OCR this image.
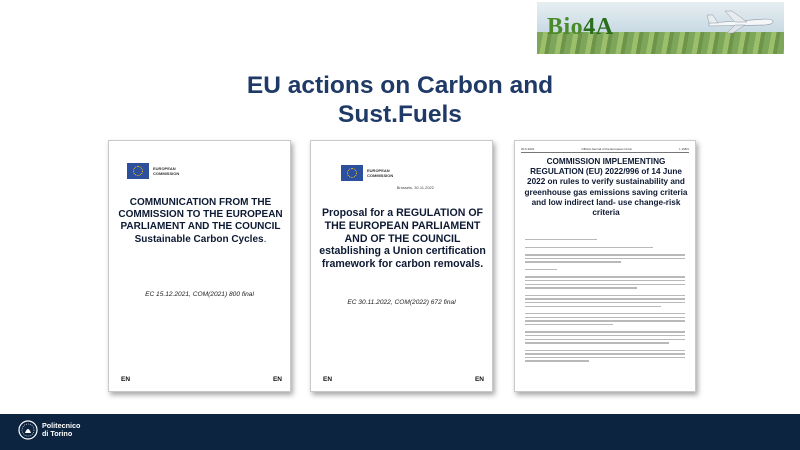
Bio4A
EU actions on Carbon and
Sust.Fuels
EUROPEAN
COMMISSION
COMMUNICATION FROM THE COMMISSION TO THE EUROPEAN PARLIAMENT AND THE COUNCIL Sustainable Carbon Cycles.
EC 15.12.2021, COM(2021) 800 final
EN	EN
EUROPEAN
COMMISSION
Brussels, 30.11.2022
Proposal for a REGULATION OF THE EUROPEAN PARLIAMENT AND OF THE COUNCIL establishing a Union certification framework for carbon removals.
EC 30.11.2022, COM(2022) 672 final
EN	EN
20.6.2022	Official Journal of the European Union	L 168/1
COMMISSION IMPLEMENTING REGULATION (EU) 2022/996 of 14 June 2022 on rules to verify sustainability and greenhouse gas emissions saving criteria and low indirect land- use change-risk criteria
Politecnico
di Torino
